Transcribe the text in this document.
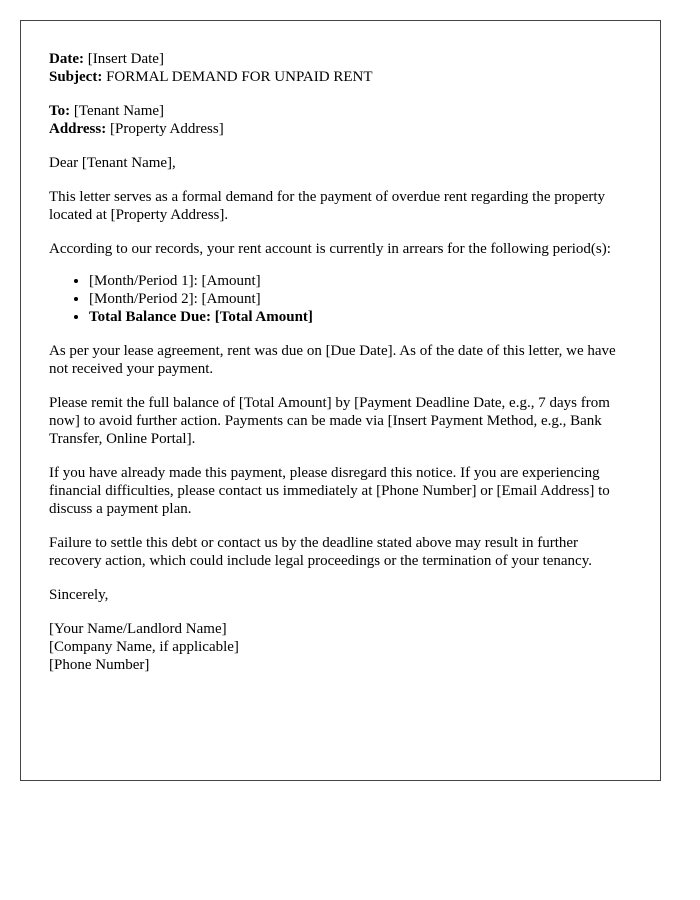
Date: [Insert Date]

Subject: FORMAL DEMAND FOR UNPAID RENT

To: [Tenant Name]

Address: [Property Address]

Dear [Tenant Name],

This letter serves as a formal demand for the payment of overdue rent regarding the property located at [Property Address].

According to our records, your rent account is currently in arrears for the following period(s):

• [Month/Period 1]: [Amount]
• [Month/Period 2]: [Amount]
• Total Balance Due: [Total Amount]

As per your lease agreement, rent was due on [Due Date]. As of the date of this letter, we have not received your payment.

Please remit the full balance of [Total Amount] by [Payment Deadline Date, e.g., 7 days from now] to avoid further action. Payments can be made via [Insert Payment Method, e.g., Bank Transfer, Online Portal].

If you have already made this payment, please disregard this notice. If you are experiencing financial difficulties, please contact us immediately at [Phone Number] or [Email Address] to discuss a payment plan.

Failure to settle this debt or contact us by the deadline stated above may result in further recovery action, which could include legal proceedings or the termination of your tenancy.

Sincerely,

[Your Name/Landlord Name]

[Company Name, if applicable]

[Phone Number]
